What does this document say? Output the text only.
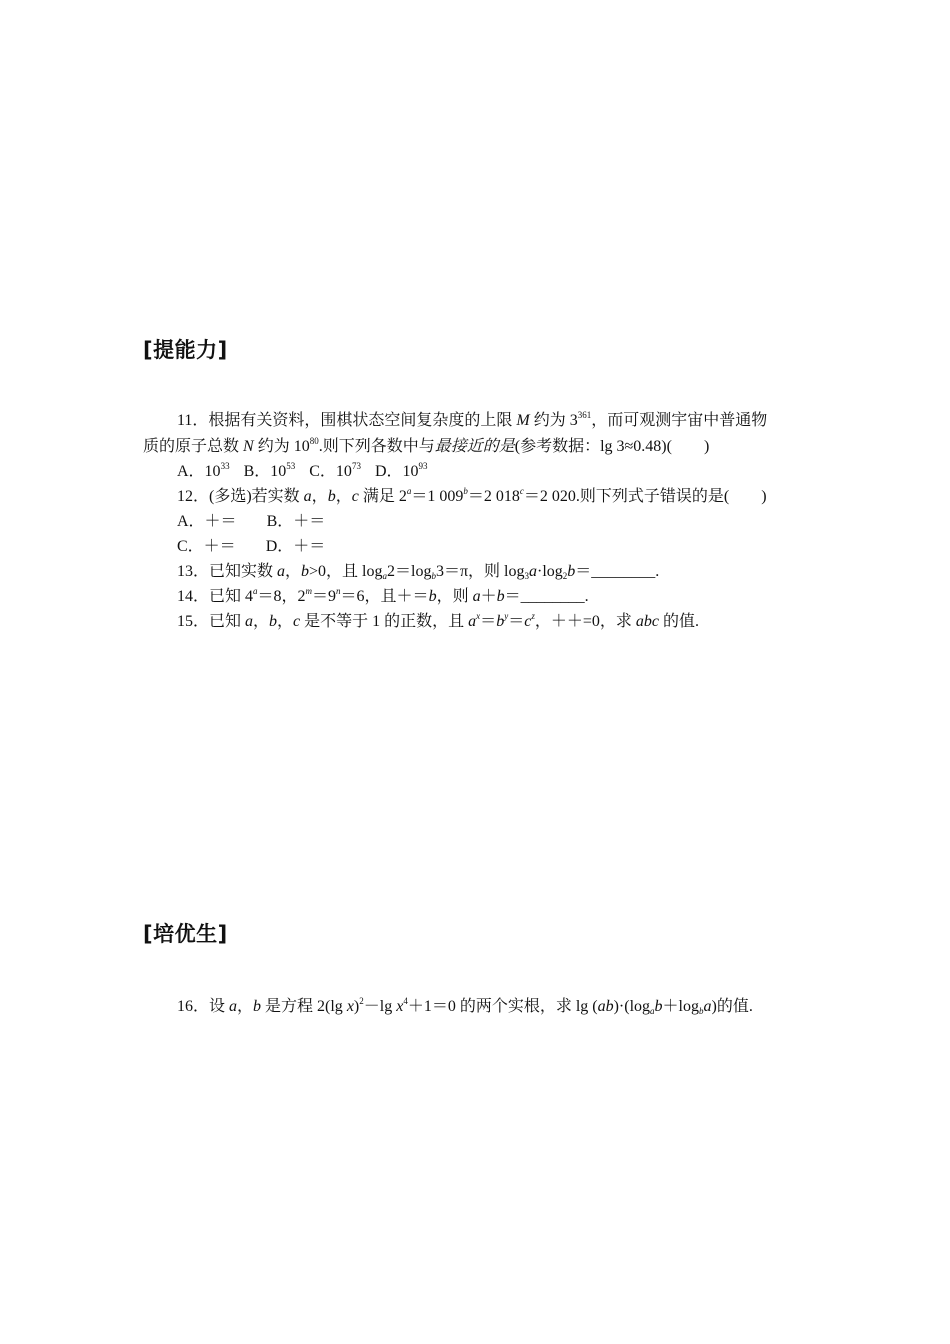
[提能力]
11．根据有关资料，围棋状态空间复杂度的上限 M 约为 $3^{361}$，而可观测宇宙中普通物
质的原子总数 N 约为 $10^{80}$.则下列各数中与最接近的是(参考数据：lg 3≈0.48)( )
A．$10^{33}$ B．$10^{53}$ C．$10^{73}$ D．$10^{93}$
12．(多选)若实数 a，b，c 满足 $2^a=1$ $009^b=2$ $018^c=2$ 020.则下列式子错误的是( )
A．＋＝ B．＋＝
C．＋＝ D．＋＝
13．已知实数 a，b>0，且 $\log_a2=\log_b3=\pi$，则 $\log_3a\cdot\log_2b=\_\_\_\_\_\_\_\_$.
14．已知 $4^a=8$，$2^m=9^n=6$，且＋＝b，则 a＋b＝________.
15．已知 a，b，c 是不等于 1 的正数，且 $a^x=b^y=c^z$，＋＋=0，求 abc 的值.
[培优生]
16．设 a，b 是方程 2(lg x)$^2$－lg $x^4+1=0$ 的两个实根，求 $\lg (ab)\cdot(\log_ab+\log_ba)$的值.
